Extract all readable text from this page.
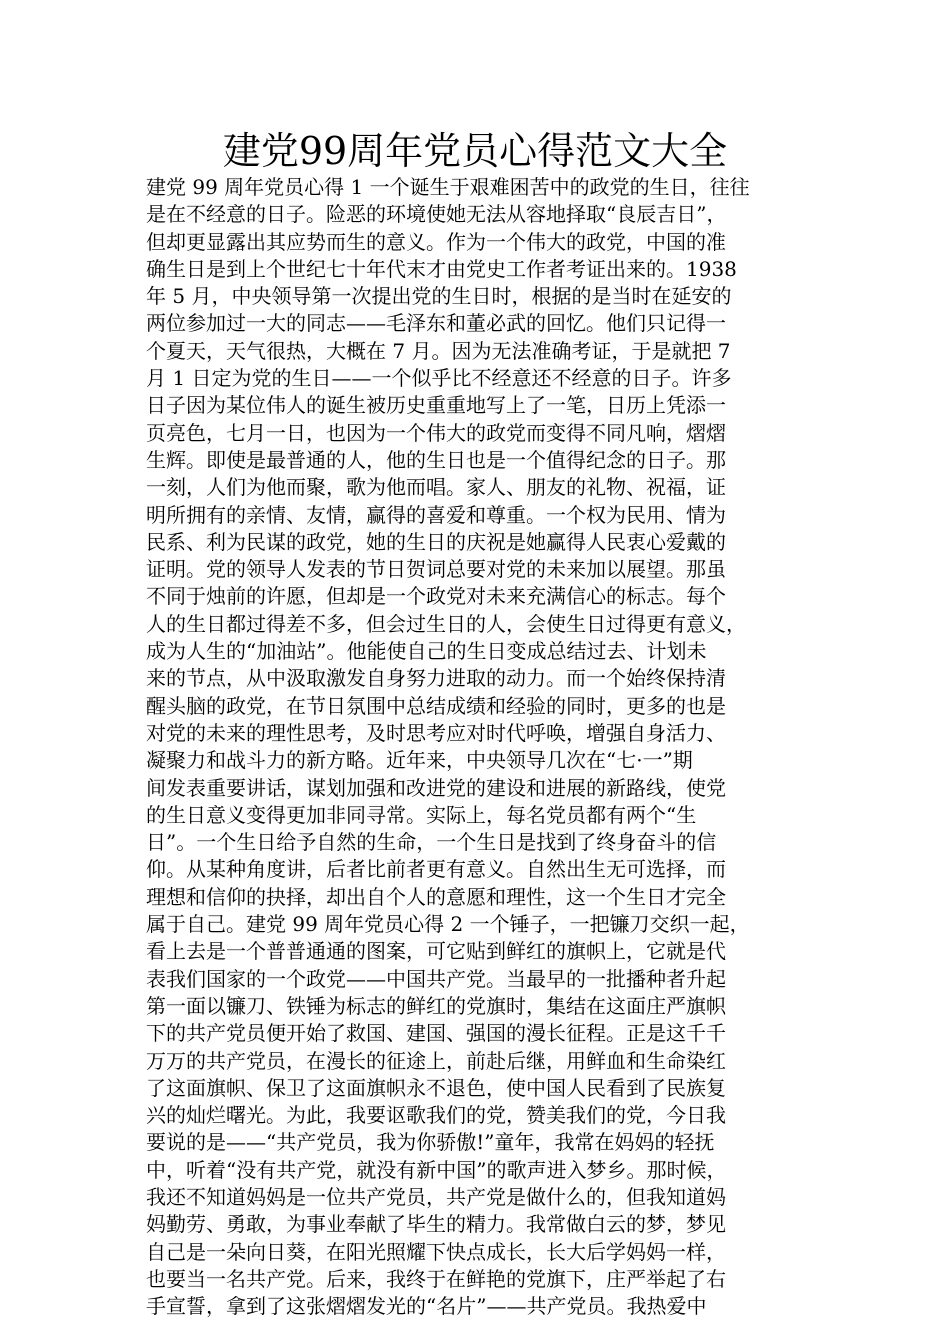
建党99周年党员心得范文大全
建党 99 周年党员心得 1 一个诞生于艰难困苦中的政党的生日，往往
是在不经意的日子。险恶的环境使她无法从容地择取“良辰吉日”，
但却更显露出其应势而生的意义。作为一个伟大的政党，中国的准
确生日是到上个世纪七十年代末才由党史工作者考证出来的。1938
年 5 月，中央领导第一次提出党的生日时，根据的是当时在延安的
两位参加过一大的同志——毛泽东和董必武的回忆。他们只记得一
个夏天，天气很热，大概在 7 月。因为无法准确考证，于是就把 7
月 1 日定为党的生日——一个似乎比不经意还不经意的日子。许多
日子因为某位伟人的诞生被历史重重地写上了一笔，日历上凭添一
页亮色，七月一日，也因为一个伟大的政党而变得不同凡响，熠熠
生辉。即使是最普通的人，他的生日也是一个值得纪念的日子。那
一刻，人们为他而聚，歌为他而唱。家人、朋友的礼物、祝福，证
明所拥有的亲情、友情，赢得的喜爱和尊重。一个权为民用、情为
民系、利为民谋的政党，她的生日的庆祝是她赢得人民衷心爱戴的
证明。党的领导人发表的节日贺词总要对党的未来加以展望。那虽
不同于烛前的许愿，但却是一个政党对未来充满信心的标志。每个
人的生日都过得差不多，但会过生日的人，会使生日过得更有意义，
成为人生的“加油站”。他能使自己的生日变成总结过去、计划未
来的节点，从中汲取激发自身努力进取的动力。而一个始终保持清
醒头脑的政党，在节日氛围中总结成绩和经验的同时，更多的也是
对党的未来的理性思考，及时思考应对时代呼唤，增强自身活力、
凝聚力和战斗力的新方略。近年来，中央领导几次在“七·一”期
间发表重要讲话，谋划加强和改进党的建设和进展的新路线，使党
的生日意义变得更加非同寻常。实际上，每名党员都有两个“生
日”。一个生日给予自然的生命，一个生日是找到了终身奋斗的信
仰。从某种角度讲，后者比前者更有意义。自然出生无可选择，而
理想和信仰的抉择，却出自个人的意愿和理性，这一个生日才完全
属于自己。建党 99 周年党员心得 2 一个锤子，一把镰刀交织一起，
看上去是一个普普通通的图案，可它贴到鲜红的旗帜上，它就是代
表我们国家的一个政党——中国共产党。当最早的一批播种者升起
第一面以镰刀、铁锤为标志的鲜红的党旗时，集结在这面庄严旗帜
下的共产党员便开始了救国、建国、强国的漫长征程。正是这千千
万万的共产党员，在漫长的征途上，前赴后继，用鲜血和生命染红
了这面旗帜、保卫了这面旗帜永不退色，使中国人民看到了民族复
兴的灿烂曙光。为此，我要讴歌我们的党，赞美我们的党，今日我
要说的是——“共产党员，我为你骄傲!”童年，我常在妈妈的轻抚
中，听着“没有共产党，就没有新中国”的歌声进入梦乡。那时候，
我还不知道妈妈是一位共产党员，共产党是做什么的，但我知道妈
妈勤劳、勇敢，为事业奉献了毕生的精力。我常做白云的梦，梦见
自己是一朵向日葵，在阳光照耀下快点成长，长大后学妈妈一样，
也要当一名共产党。后来，我终于在鲜艳的党旗下，庄严举起了右
手宣誓，拿到了这张熠熠发光的“名片”——共产党员。我热爱中
